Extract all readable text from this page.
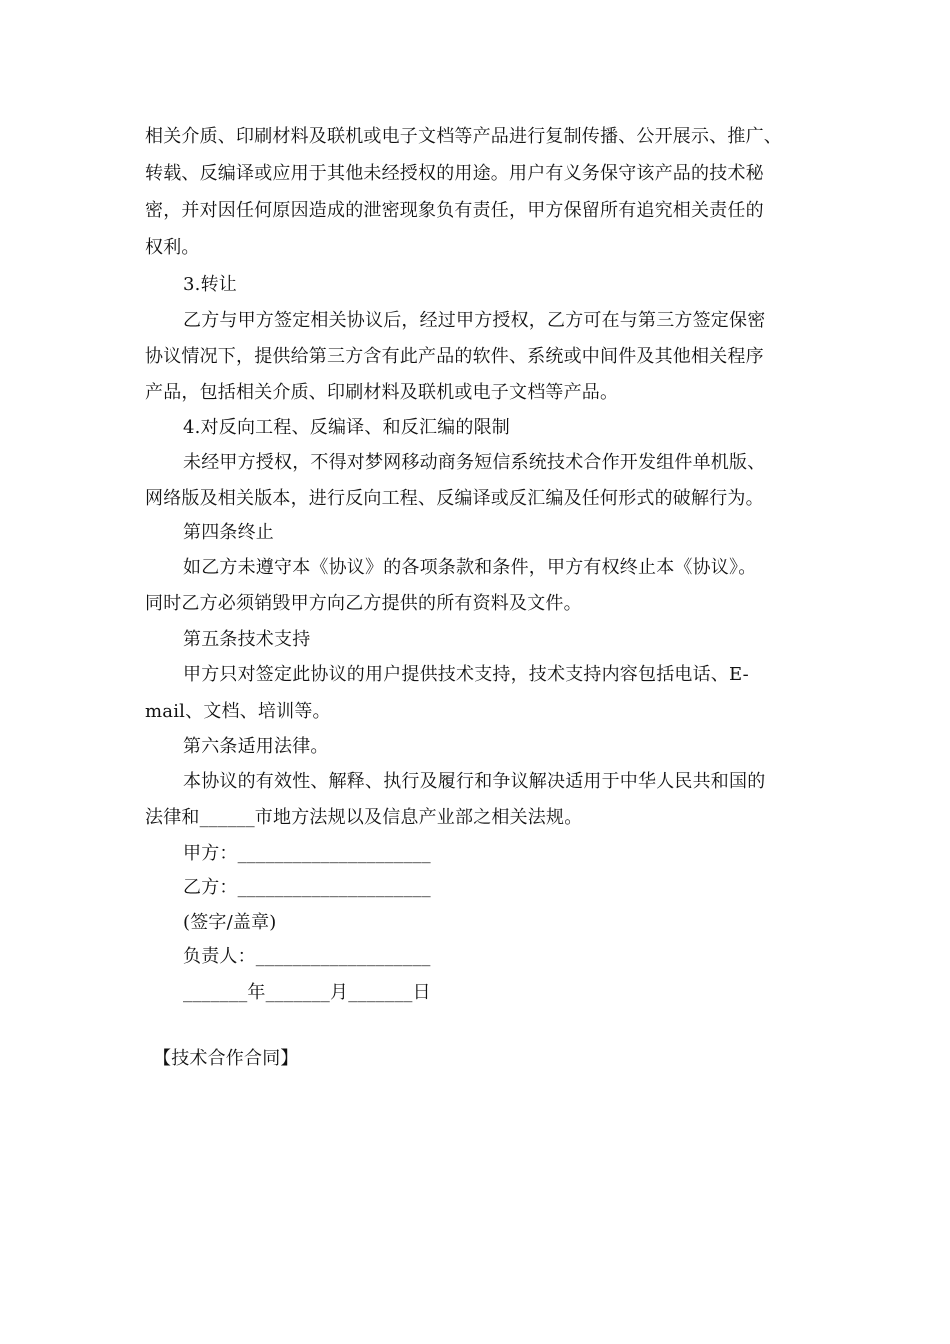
相关介质、印刷材料及联机或电子文档等产品进行复制传播、公开展示、推广、
转载、反编译或应用于其他未经授权的用途。用户有义务保守该产品的技术秘
密，并对因任何原因造成的泄密现象负有责任，甲方保留所有追究相关责任的
权利。
3.转让
乙方与甲方签定相关协议后，经过甲方授权，乙方可在与第三方签定保密
协议情况下，提供给第三方含有此产品的软件、系统或中间件及其他相关程序
产品，包括相关介质、印刷材料及联机或电子文档等产品。
4.对反向工程、反编译、和反汇编的限制
未经甲方授权，不得对梦网移动商务短信系统技术合作开发组件单机版、
网络版及相关版本，进行反向工程、反编译或反汇编及任何形式的破解行为。
第四条终止
如乙方未遵守本《协议》的各项条款和条件，甲方有权终止本《协议》。
同时乙方必须销毁甲方向乙方提供的所有资料及文件。
第五条技术支持
甲方只对签定此协议的用户提供技术支持，技术支持内容包括电话、E-
mail、文档、培训等。
第六条适用法律。
本协议的有效性、解释、执行及履行和争议解决适用于中华人民共和国的
法律和______市地方法规以及信息产业部之相关法规。
甲方：_____________________
乙方：_____________________
(签字/盖章)
负责人：___________________
_______年_______月_______日
【技术合作合同】
